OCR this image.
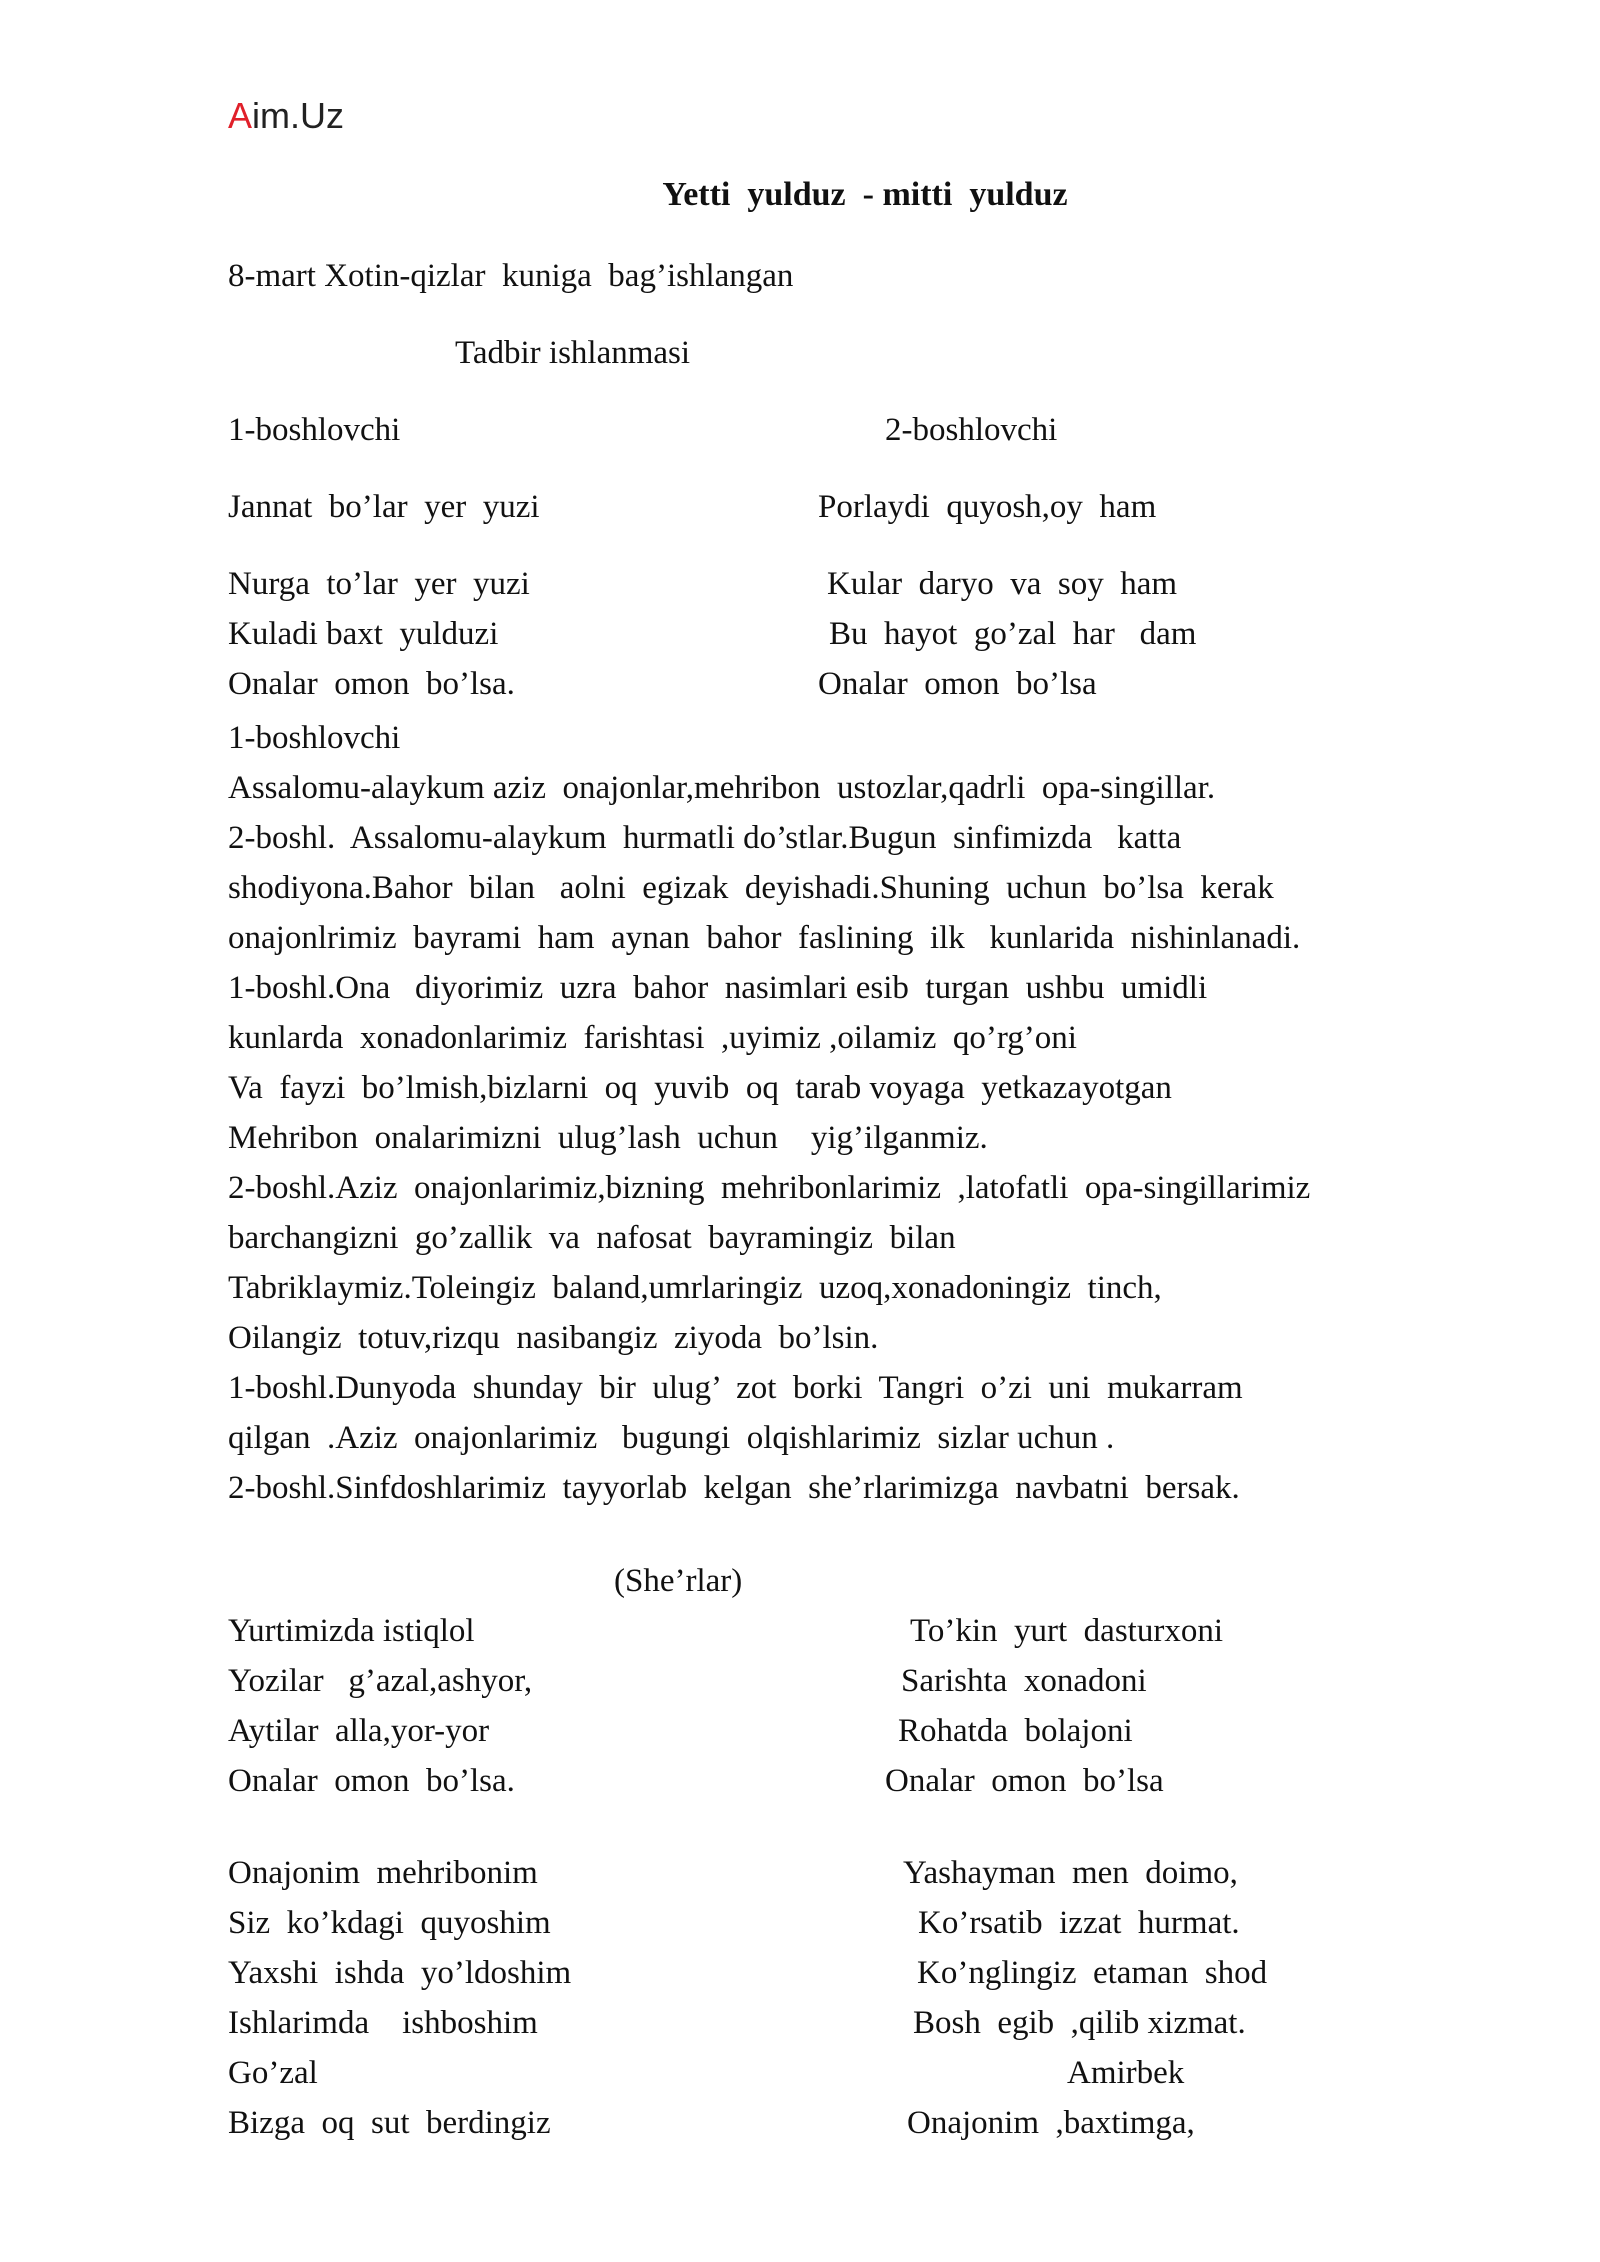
Aim.Uz
Yetti  yulduz  - mitti  yulduz
8-mart Xotin-qizlar  kuniga  bag’ishlangan
Tadbir ishlanmasi
1-boshlovchi	2-boshlovchi
Jannat  bo’lar  yer  yuzi	Porlaydi  quyosh,oy  ham
Nurga  to’lar  yer  yuzi	Kular  daryo  va  soy  ham
Kuladi baxt  yulduzi	Bu  hayot  go’zal  har   dam
Onalar  omon  bo’lsa.	Onalar  omon  bo’lsa
1-boshlovchi
Assalomu-alaykum aziz  onajonlar,mehribon  ustozlar,qadrli  opa-singillar.
2-boshl.  Assalomu-alaykum  hurmatli do’stlar.Bugun  sinfimizda   katta
shodiyona.Bahor  bilan   aolni  egizak  deyishadi.Shuning  uchun  bo’lsa  kerak
onajonlrimiz  bayrami  ham  aynan  bahor  faslining  ilk   kunlarida  nishinlanadi.
1-boshl.Ona   diyorimiz  uzra  bahor  nasimlari esib  turgan  ushbu  umidli
kunlarda  xonadonlarimiz  farishtasi  ,uyimiz ,oilamiz  qo’rg’oni
Va  fayzi  bo’lmish,bizlarni  oq  yuvib  oq  tarab voyaga  yetkazayotgan
Mehribon  onalarimizni  ulug’lash  uchun    yig’ilganmiz.
2-boshl.Aziz  onajonlarimiz,bizning  mehribonlarimiz  ,latofatli  opa-singillarimiz
barchangizni  go’zallik  va  nafosat  bayramingiz  bilan
Tabriklaymiz.Toleingiz  baland,umrlaringiz  uzoq,xonadoningiz  tinch,
Oilangiz  totuv,rizqu  nasibangiz  ziyoda  bo’lsin.
1-boshl.Dunyoda  shunday  bir  ulug’  zot  borki  Tangri  o’zi  uni  mukarram
qilgan  .Aziz  onajonlarimiz   bugungi  olqishlarimiz  sizlar uchun .
2-boshl.Sinfdoshlarimiz  tayyorlab  kelgan  she’rlarimizga  navbatni  bersak.
(She’rlar)
Yurtimizda istiqlol	To’kin  yurt  dasturxoni
Yozilar   g’azal,ashyor,	Sarishta  xonadoni
Aytilar  alla,yor-yor	Rohatda  bolajoni
Onalar  omon  bo’lsa.	Onalar  omon  bo’lsa
Onajonim  mehribonim	Yashayman  men  doimo,
Siz  ko’kdagi  quyoshim	Ko’rsatib  izzat  hurmat.
Yaxshi  ishda  yo’ldoshim	Ko’nglingiz  etaman  shod
Ishlarimda    ishboshim	Bosh  egib  ,qilib xizmat.
Go’zal	Amirbek
Bizga  oq  sut  berdingiz	Onajonim  ,baxtimga,
